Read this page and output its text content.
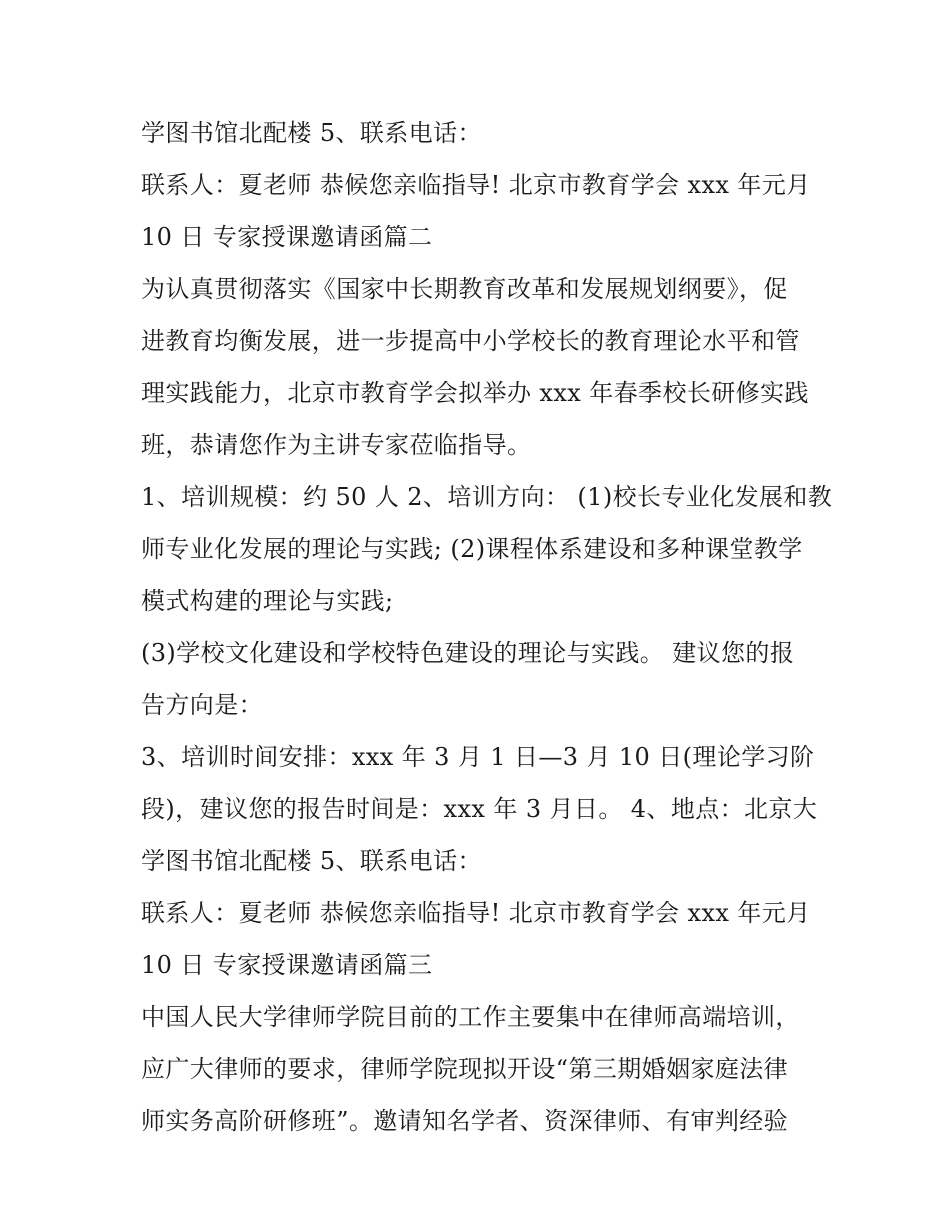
学图书馆北配楼 5、联系电话：
联系人：夏老师 恭候您亲临指导! 北京市教育学会 xxx 年元月
10 日 专家授课邀请函篇二
为认真贯彻落实《国家中长期教育改革和发展规划纲要》，促
进教育均衡发展，进一步提高中小学校长的教育理论水平和管
理实践能力，北京市教育学会拟举办 xxx 年春季校长研修实践
班，恭请您作为主讲专家莅临指导。
1、培训规模：约 50 人 2、培训方向： (1)校长专业化发展和教
师专业化发展的理论与实践; (2)课程体系建设和多种课堂教学
模式构建的理论与实践;
(3)学校文化建设和学校特色建设的理论与实践。 建议您的报
告方向是：
3、培训时间安排：xxx 年 3 月 1 日—3 月 10 日(理论学习阶
段)，建议您的报告时间是：xxx 年 3 月日。 4、地点：北京大
学图书馆北配楼 5、联系电话：
联系人：夏老师 恭候您亲临指导! 北京市教育学会 xxx 年元月
10 日 专家授课邀请函篇三
中国人民大学律师学院目前的工作主要集中在律师高端培训，
应广大律师的要求，律师学院现拟开设“第三期婚姻家庭法律
师实务高阶研修班”。邀请知名学者、资深律师、有审判经验
